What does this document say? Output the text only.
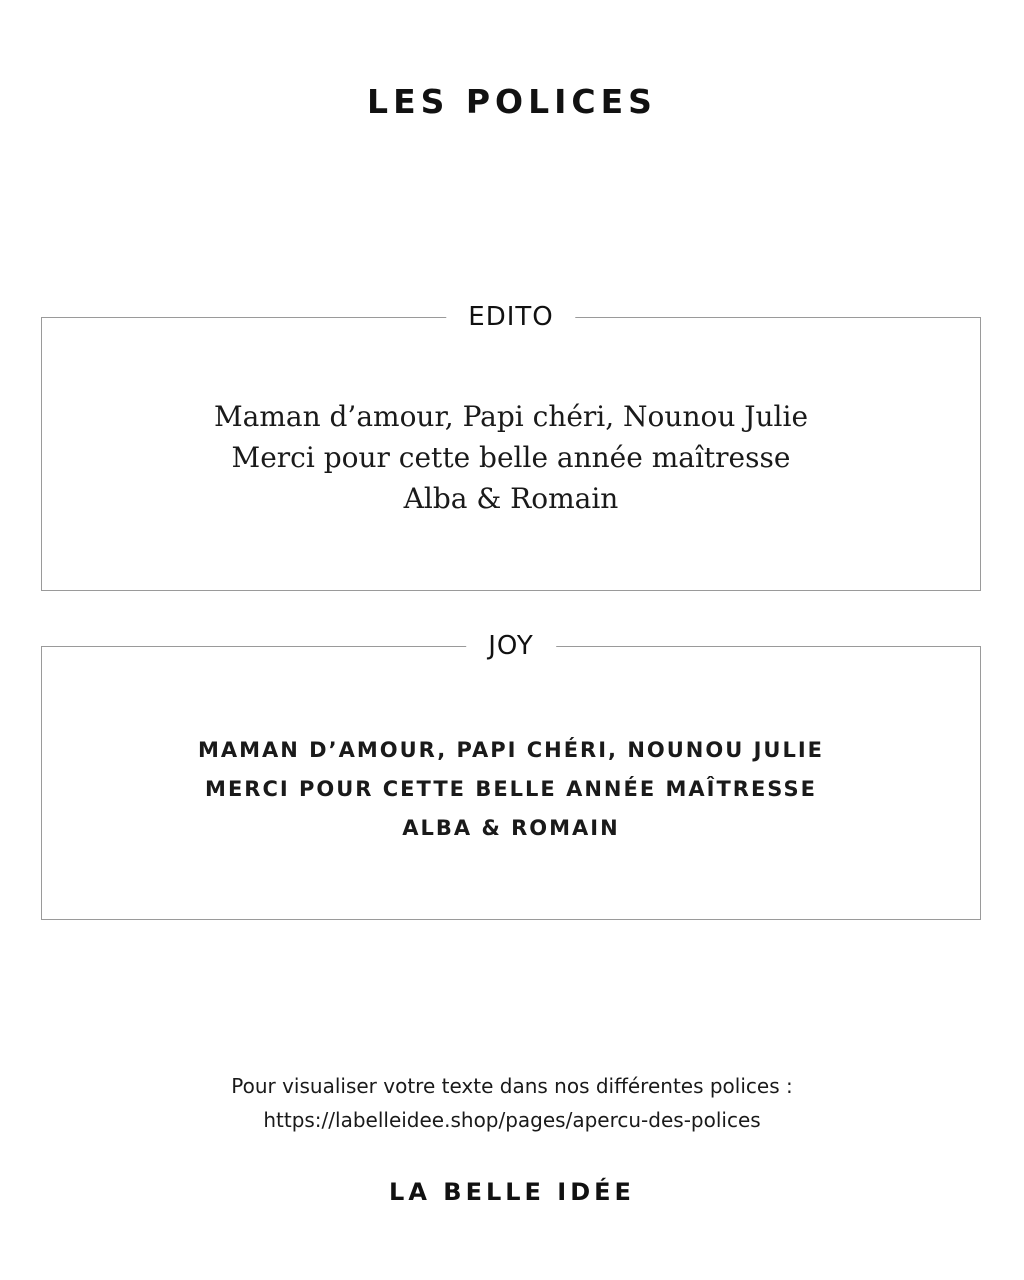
LES POLICES
EDITO
Maman d’amour, Papi chéri, Nounou Julie
Merci pour cette belle année maîtresse
Alba & Romain
JOY
MAMAN D’AMOUR, PAPI CHÉRI, NOUNOU JULIE
MERCI POUR CETTE BELLE ANNÉE MAÎTRESSE
ALBA & ROMAIN
Pour visualiser votre texte dans nos différentes polices :
https://labelleidee.shop/pages/apercu-des-polices
LA BELLE IDÉE
